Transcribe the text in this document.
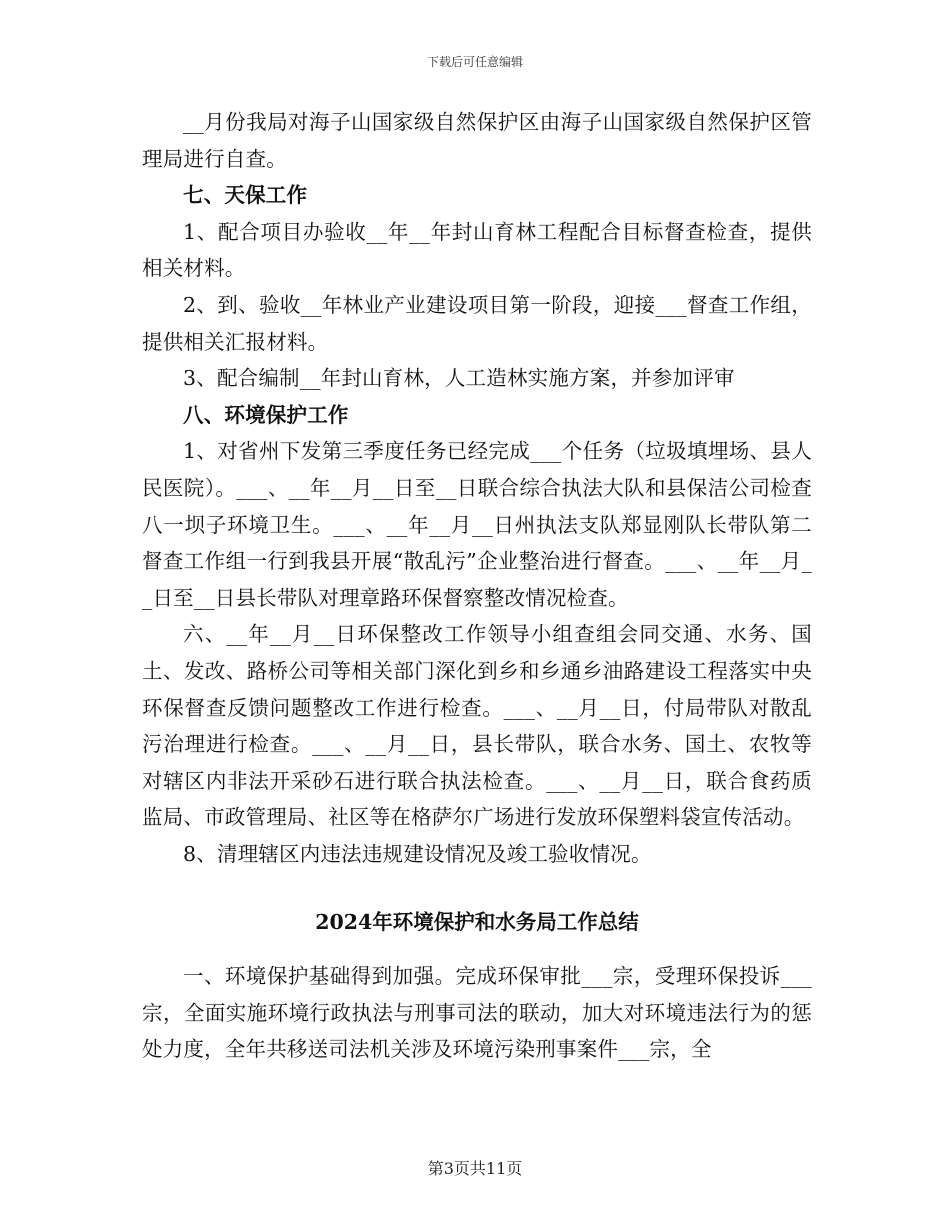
下载后可任意编辑

__月份我局对海子山国家级自然保护区由海子山国家级自然保护区管理局进行自查。

七、天保工作

1、配合项目办验收__年__年封山育林工程配合目标督查检查，提供相关材料。

2、到、验收__年林业产业建设项目第一阶段，迎接___督查工作组，提供相关汇报材料。

3、配合编制__年封山育林，人工造林实施方案，并参加评审

八、环境保护工作

1、对省州下发第三季度任务已经完成___个任务（垃圾填埋场、县人民医院）。___、__年__月__日至__日联合综合执法大队和县保洁公司检查八一坝子环境卫生。___、__年__月__日州执法支队郑显刚队长带队第二督查工作组一行到我县开展“散乱污”企业整治进行督查。___、__年__月__日至__日县长带队对理章路环保督察整改情况检查。

六、__年__月__日环保整改工作领导小组查组会同交通、水务、国土、发改、路桥公司等相关部门深化到乡和乡通乡油路建设工程落实中央环保督查反馈问题整改工作进行检查。___、__月__日，付局带队对散乱污治理进行检查。___、__月__日，县长带队，联合水务、国土、农牧等对辖区内非法开采砂石进行联合执法检查。___、__月__日，联合食药质监局、市政管理局、社区等在格萨尔广场进行发放环保塑料袋宣传活动。

8、清理辖区内违法违规建设情况及竣工验收情况。

2024年环境保护和水务局工作总结

一、环境保护基础得到加强。完成环保审批___宗，受理环保投诉___宗，全面实施环境行政执法与刑事司法的联动，加大对环境违法行为的惩处力度，全年共移送司法机关涉及环境污染刑事案件___宗，全

第3页共11页
